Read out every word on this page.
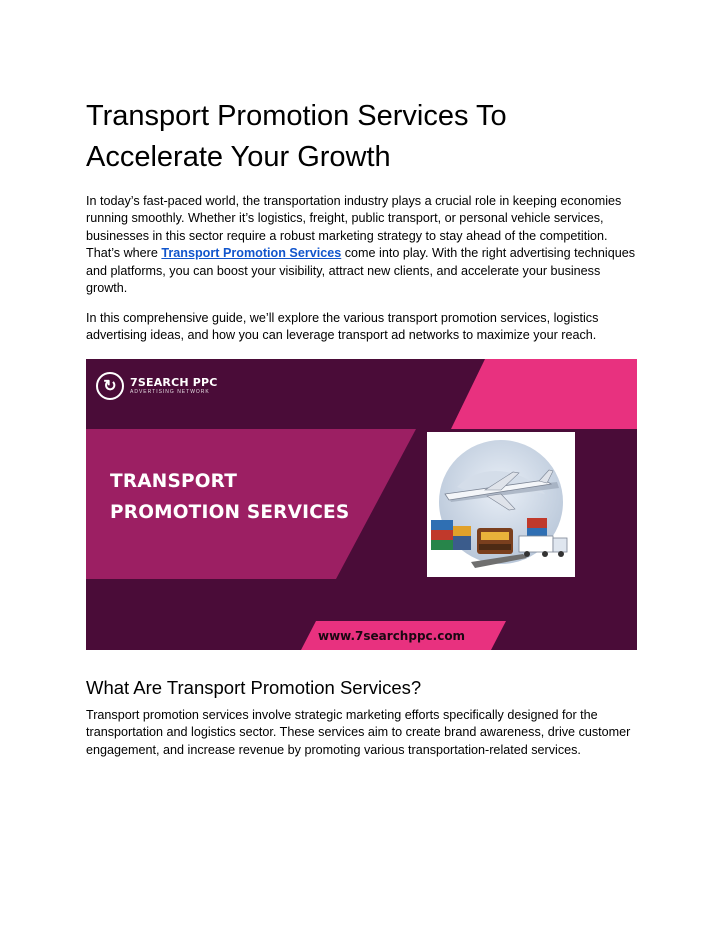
Transport Promotion Services To Accelerate Your Growth

In today’s fast-paced world, the transportation industry plays a crucial role in keeping economies running smoothly. Whether it’s logistics, freight, public transport, or personal vehicle services, businesses in this sector require a robust marketing strategy to stay ahead of the competition. That’s where Transport Promotion Services come into play. With the right advertising techniques and platforms, you can boost your visibility, attract new clients, and accelerate your business growth.

In this comprehensive guide, we’ll explore the various transport promotion services, logistics advertising ideas, and how you can leverage transport ad networks to maximize your reach.

↻	7SEARCH PPC
ADVERTISING NETWORK

TRANSPORT

PROMOTION SERVICES

www.7searchppc.com
What Are Transport Promotion Services?

Transport promotion services involve strategic marketing efforts specifically designed for the transportation and logistics sector. These services aim to create brand awareness, drive customer engagement, and increase revenue by promoting various transportation-related services.
